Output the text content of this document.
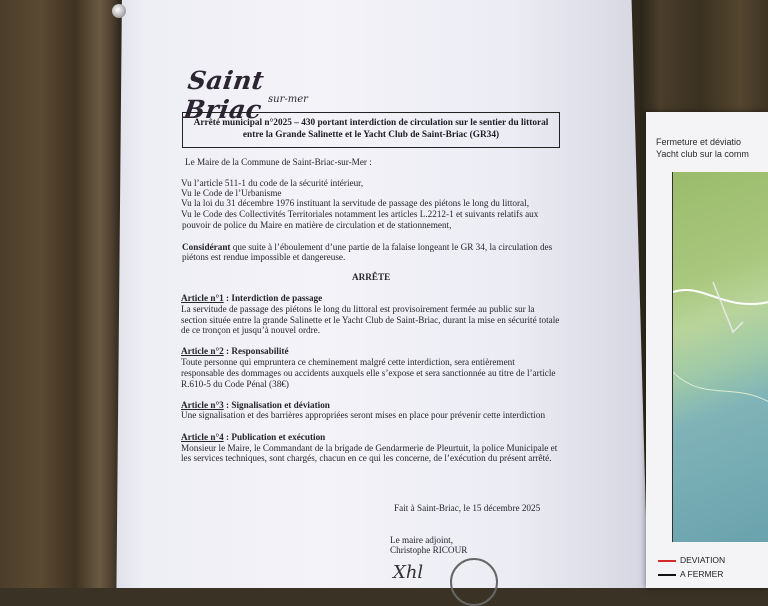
Saint Briac sur-mer
Arrêté municipal n°2025 – 430 portant interdiction de circulation sur le sentier du littoral
entre la Grande Salinette et le Yacht Club de Saint-Briac (GR34)
Le Maire de la Commune de Saint-Briac-sur-Mer :
Vu l’article 511-1 du code de la sécurité intérieur,
Vu le Code de l’Urbanisme
Vu la loi du 31 décembre 1976 instituant la servitude de passage des piétons le long du littoral,
Vu le Code des Collectivités Territoriales notamment les articles L.2212-1 et suivants relatifs aux
pouvoir de police du Maire en matière de circulation et de stationnement,
Considérant que suite à l’éboulement d’une partie de la falaise longeant le GR 34, la circulation des
piétons est rendue impossible et dangereuse.
ARRÊTE
Article n°1 : Interdiction de passage
La servitude de passage des piétons le long du littoral est provisoirement fermée au public sur la
section située entre la grande Salinette et le Yacht Club de Saint-Briac, durant la mise en sécurité totale
de ce tronçon et jusqu’à nouvel ordre.
Article n°2 : Responsabilité
Toute personne qui empruntera ce cheminement malgré cette interdiction, sera entièrement
responsable des dommages ou accidents auxquels elle s’expose et sera sanctionnée au titre de l’article
R.610-5 du Code Pénal (38€)
Article n°3 : Signalisation et déviation
Une signalisation et des barrières appropriées seront mises en place pour prévenir cette interdiction
Article n°4 : Publication et exécution
Monsieur le Maire, le Commandant de la brigade de Gendarmerie de Pleurtuit, la police Municipale et
les services techniques, sont chargés, chacun en ce qui les concerne, de l’exécution du présent arrêté.
Fait à Saint-Briac, le 15 décembre 2025
Le maire adjoint,
Christophe RICOUR
Xhl
Fermeture et déviatio
Yacht club sur la comm
DEVIATION
A FERMER
